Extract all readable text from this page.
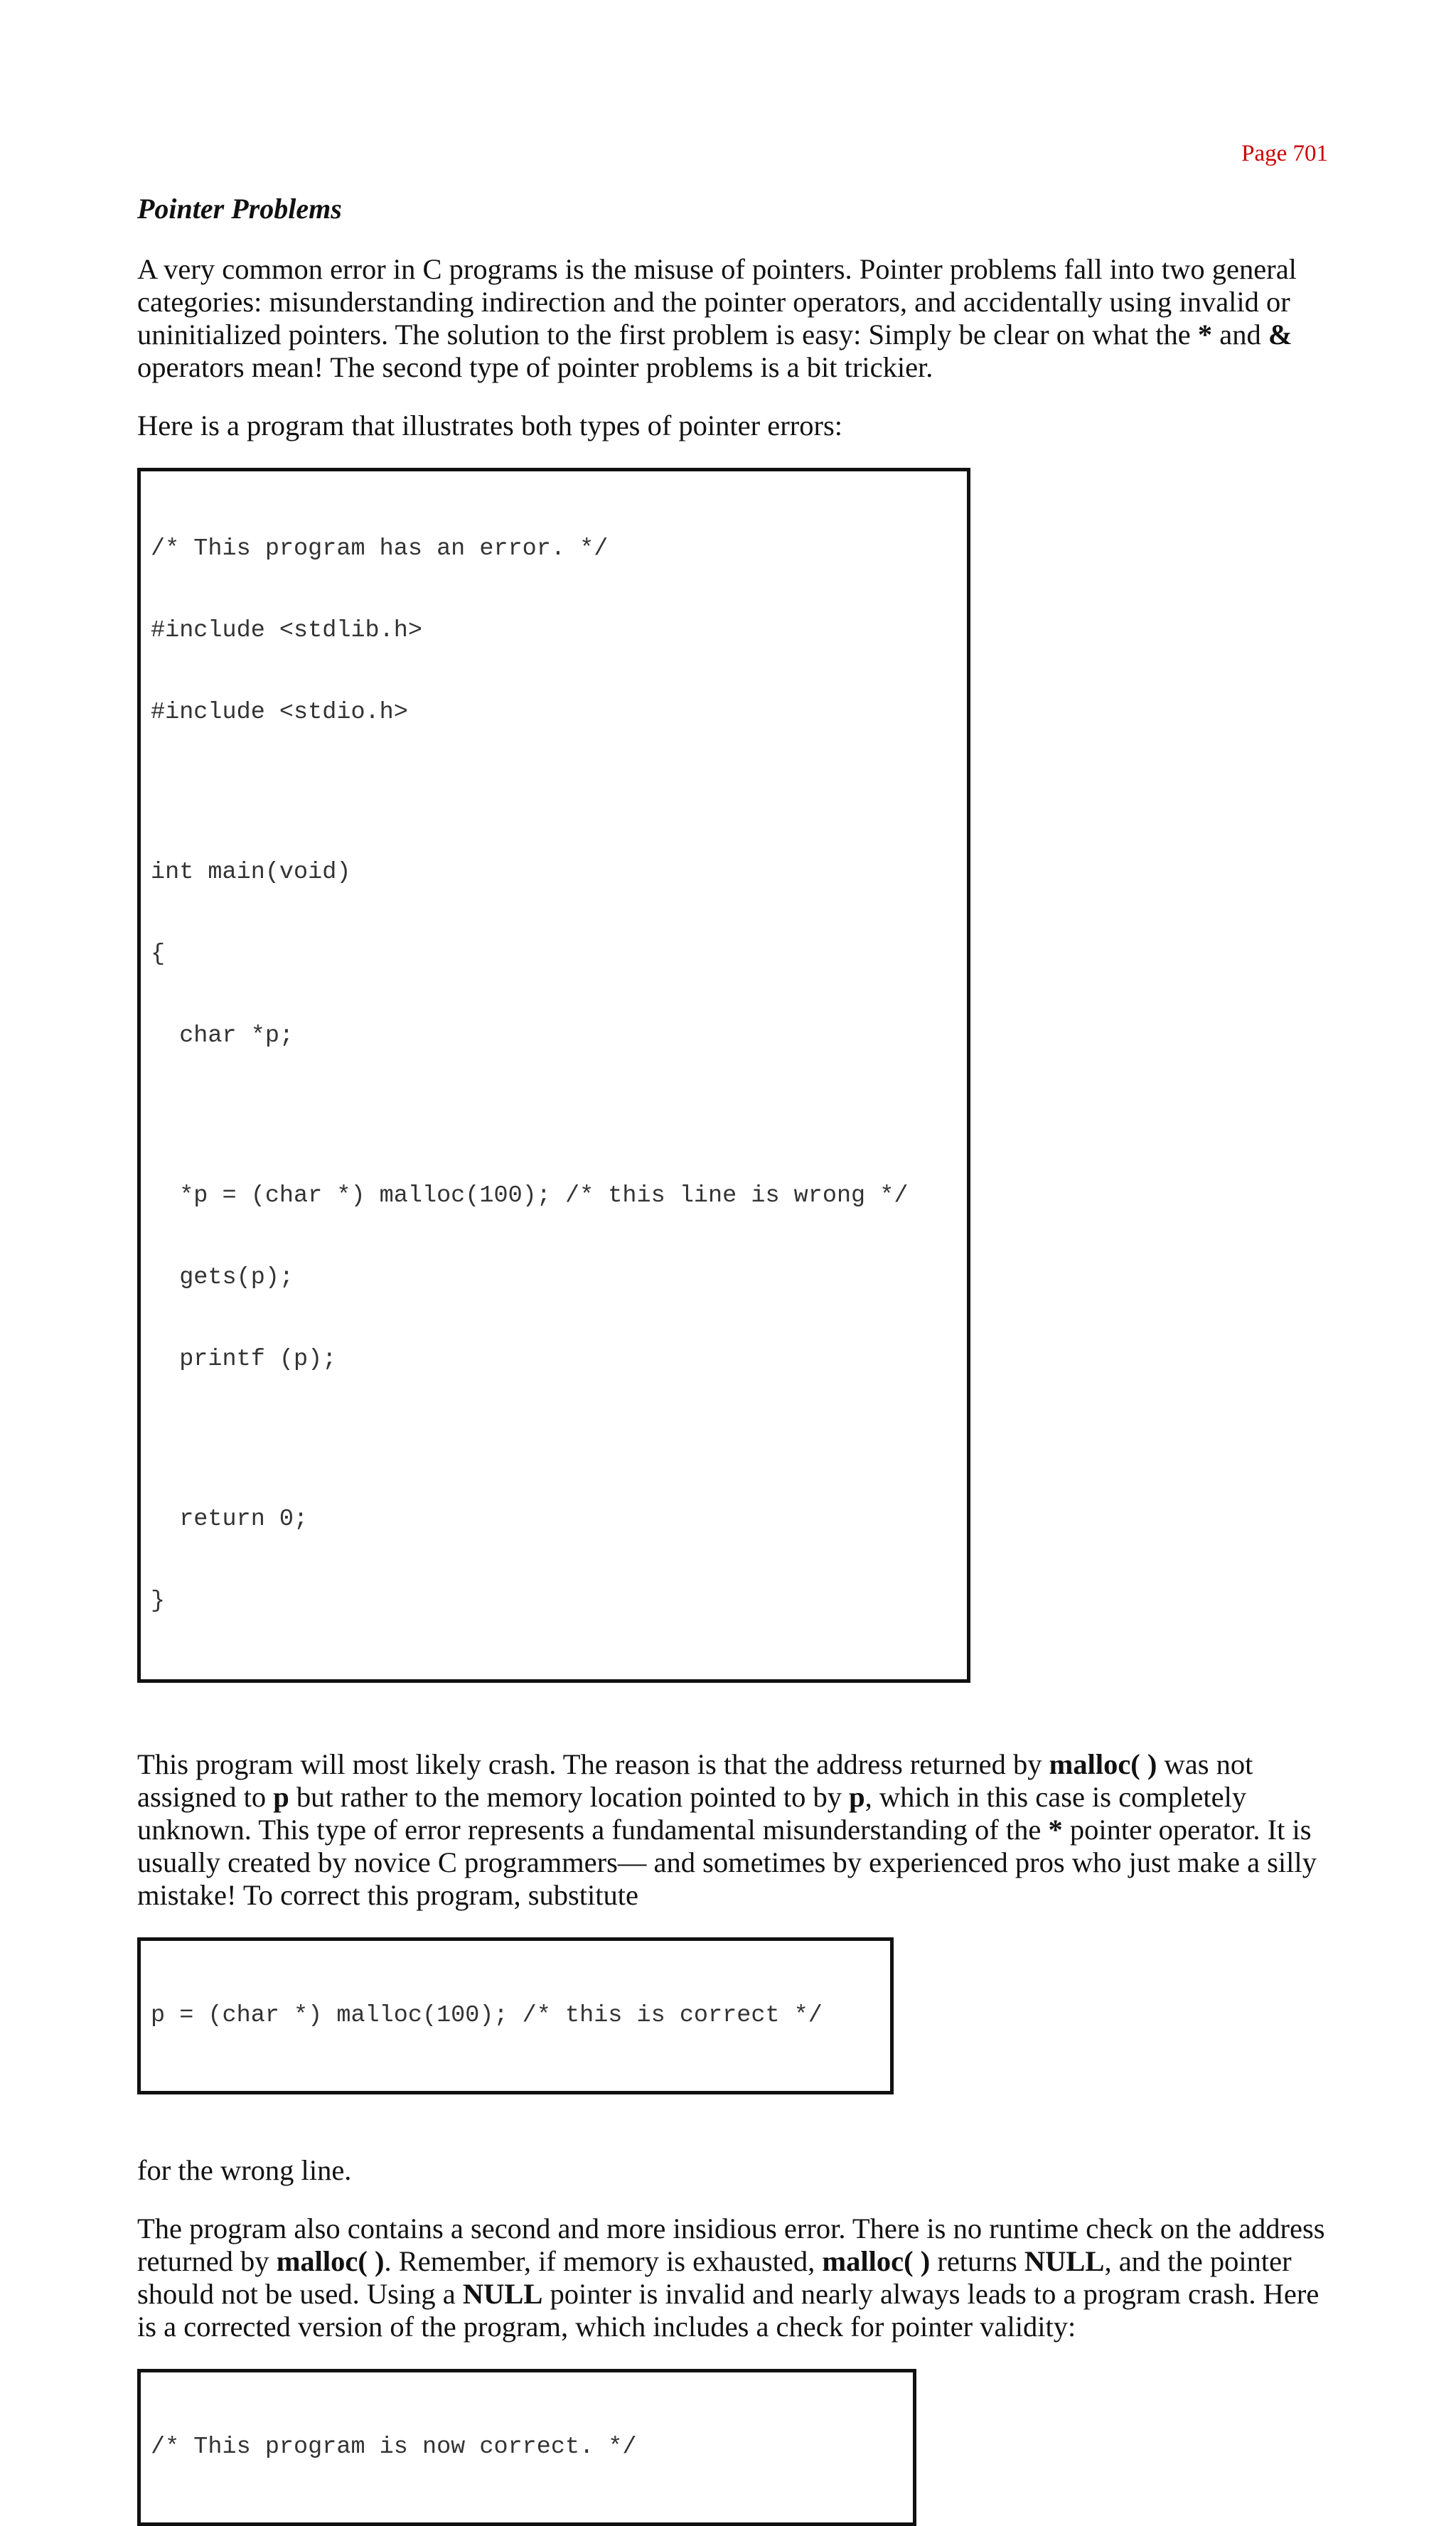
Page 701
Pointer Problems

A very common error in C programs is the misuse of pointers. Pointer problems fall into two general categories: misunderstanding indirection and the pointer operators, and accidentally using invalid or uninitialized pointers. The solution to the first problem is easy: Simply be clear on what the * and & operators mean! The second type of pointer problems is a bit trickier.

Here is a program that illustrates both types of pointer errors:

/* This program has an error. */

#include <stdlib.h>

#include <stdio.h>

int main(void)

{

char *p;

*p = (char *) malloc(100); /* this line is wrong */

gets(p);

printf (p);

return 0;

}

This program will most likely crash. The reason is that the address returned by malloc( ) was not assigned to p but rather to the memory location pointed to by p, which in this case is completely unknown. This type of error represents a fundamental misunderstanding of the * pointer operator. It is usually created by novice C programmers— and sometimes by experienced pros who just make a silly mistake! To correct this program, substitute

p = (char *) malloc(100); /* this is correct */

for the wrong line.

The program also contains a second and more insidious error. There is no runtime check on the address returned by malloc( ). Remember, if memory is exhausted, malloc( ) returns NULL, and the pointer should not be used. Using a NULL pointer is invalid and nearly always leads to a program crash. Here is a corrected version of the program, which includes a check for pointer validity:

/* This program is now correct. */
